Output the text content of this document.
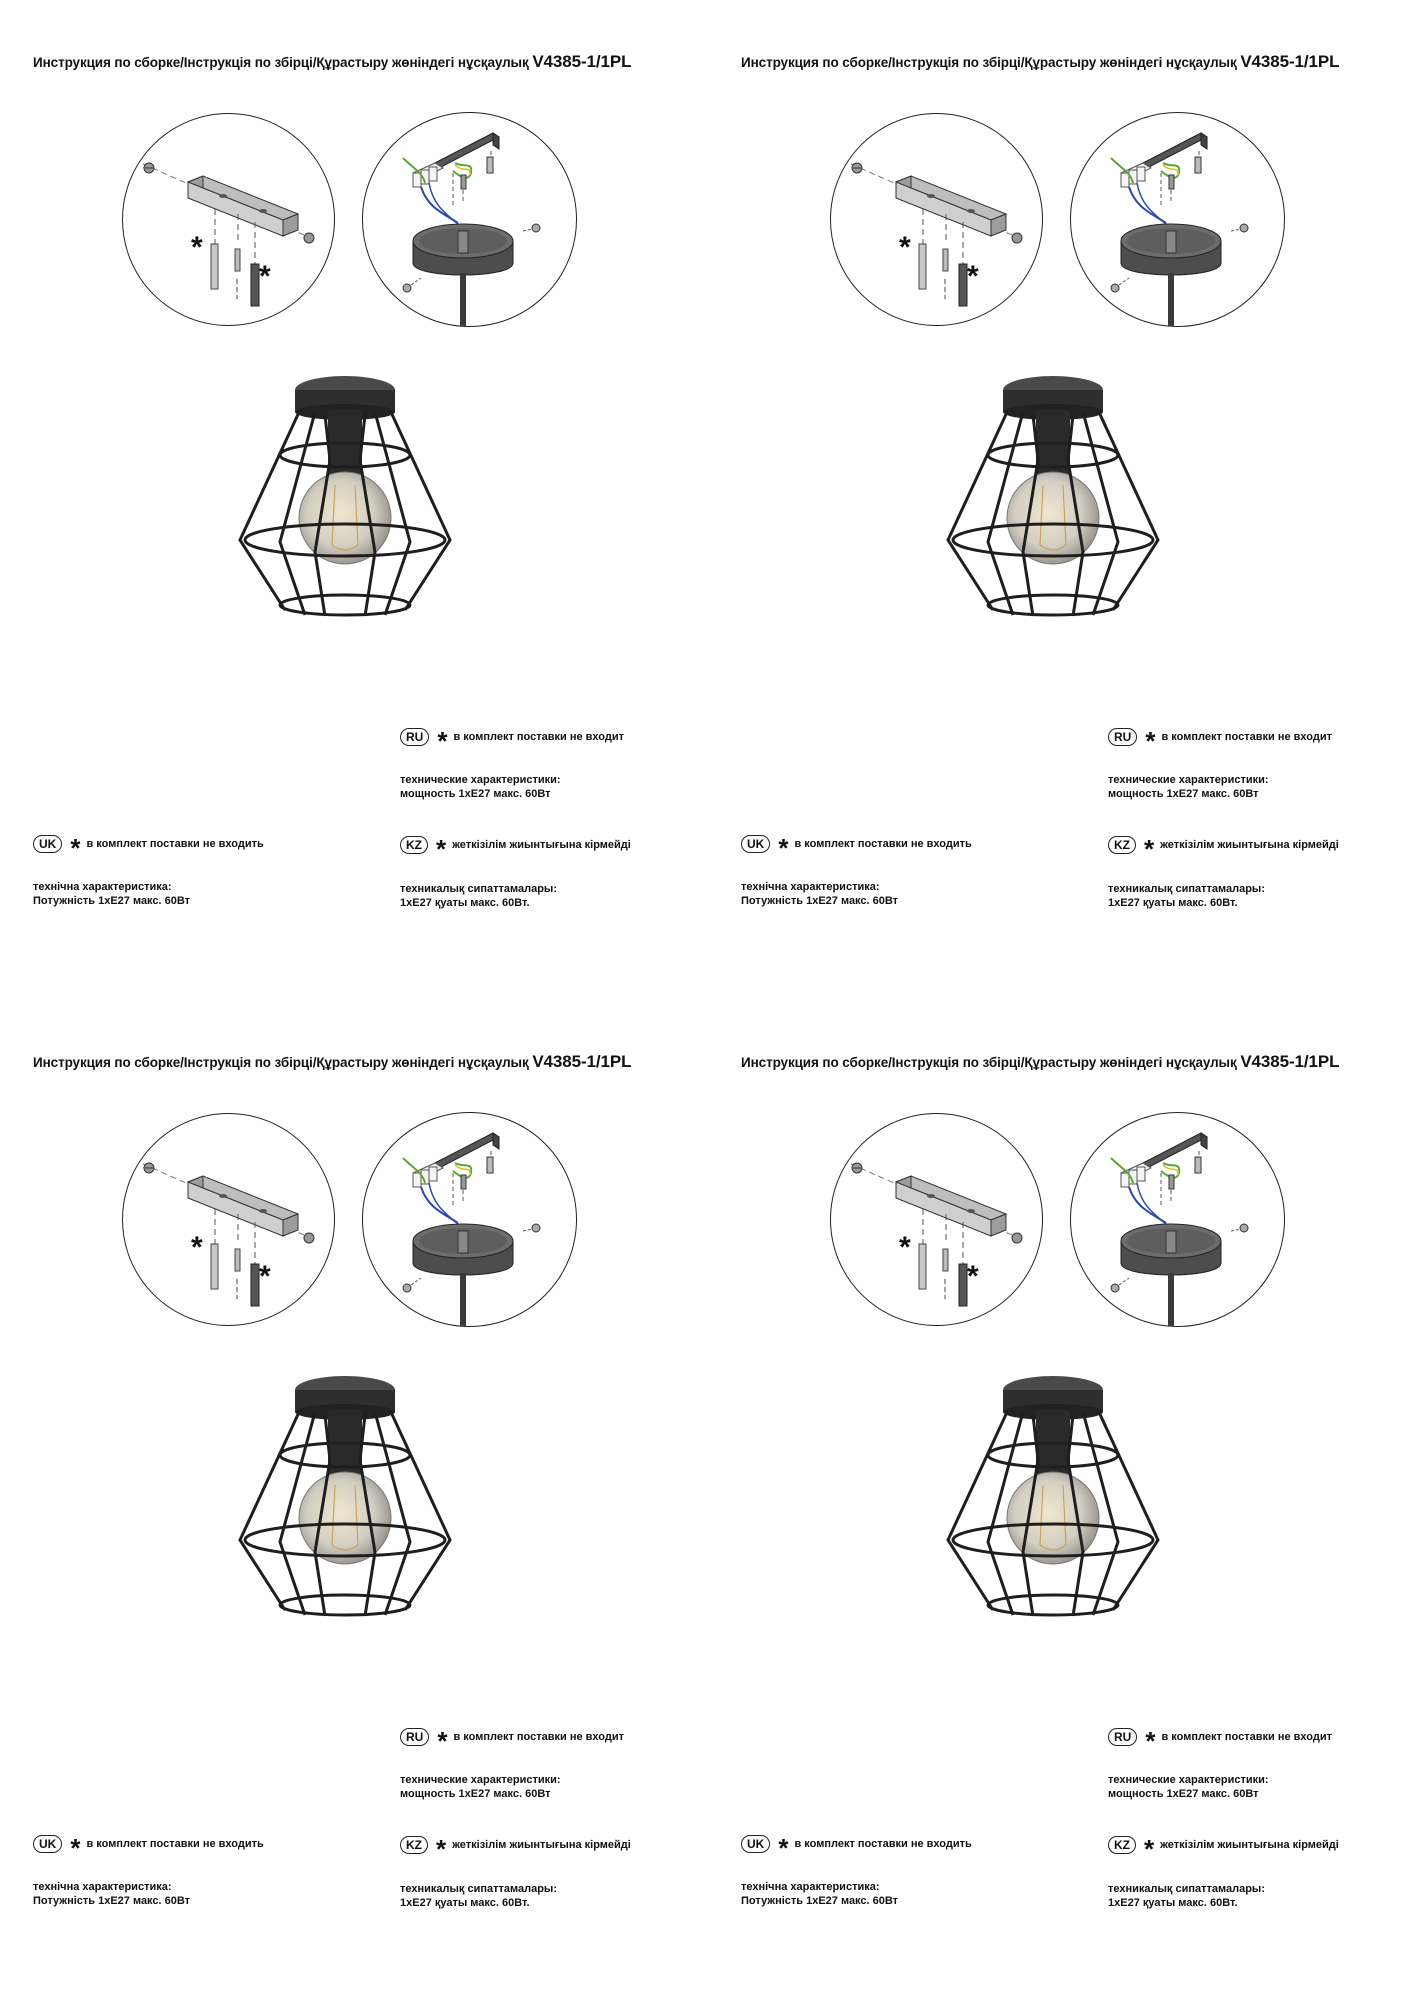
Инструкция по сборке/Інструкція по збірці/Құрастыру жөніндегі нұсқаулық V4385-1/1PL
*
*
RU * в комплект поставки не входит
технические характеристики:
мощность 1хЕ27 макс. 60Вт
UK * в комплект поставки не входить
технічна характеристика:
Потужність 1хЕ27 макс. 60Вт
KZ * жеткізілім жиынтығына кірмейді
техникалық сипаттамалары:
1хЕ27 қуаты макс. 60Вт.
Инструкция по сборке/Інструкція по збірці/Құрастыру жөніндегі нұсқаулық V4385-1/1PL
*
*
RU * в комплект поставки не входит
технические характеристики:
мощность 1хЕ27 макс. 60Вт
UK * в комплект поставки не входить
технічна характеристика:
Потужність 1хЕ27 макс. 60Вт
KZ * жеткізілім жиынтығына кірмейді
техникалық сипаттамалары:
1хЕ27 қуаты макс. 60Вт.
Инструкция по сборке/Інструкція по збірці/Құрастыру жөніндегі нұсқаулық V4385-1/1PL
*
*
RU * в комплект поставки не входит
технические характеристики:
мощность 1хЕ27 макс. 60Вт
UK * в комплект поставки не входить
технічна характеристика:
Потужність 1хЕ27 макс. 60Вт
KZ * жеткізілім жиынтығына кірмейді
техникалық сипаттамалары:
1хЕ27 қуаты макс. 60Вт.
Инструкция по сборке/Інструкція по збірці/Құрастыру жөніндегі нұсқаулық V4385-1/1PL
*
*
RU * в комплект поставки не входит
технические характеристики:
мощность 1хЕ27 макс. 60Вт
UK * в комплект поставки не входить
технічна характеристика:
Потужність 1хЕ27 макс. 60Вт
KZ * жеткізілім жиынтығына кірмейді
техникалық сипаттамалары:
1хЕ27 қуаты макс. 60Вт.
